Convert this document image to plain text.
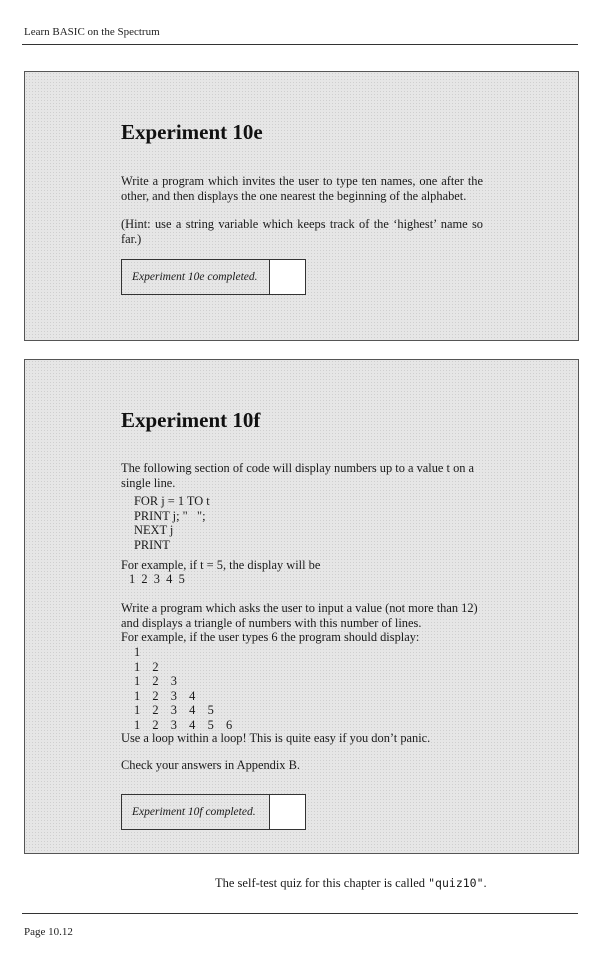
Learn BASIC on the Spectrum
Experiment 10e
Write a program which invites the user to type ten names, one after the other, and then displays the one nearest the beginning of the alphabet.
(Hint: use a string variable which keeps track of the ‘highest’ name so far.)
Experiment 10e completed.
Experiment 10f
The following section of code will display numbers up to a value t on a single line.
FOR j = 1 TO t
PRINT j; "   ";
NEXT j
PRINT
For example, if t = 5, the display will be
1  2  3  4  5
Write a program which asks the user to input a value (not more than 12) and displays a triangle of numbers with this number of lines.
For example, if the user types 6 the program should display:
1
1  2
1  2  3
1  2  3  4
1  2  3  4  5
1  2  3  4  5  6
Use a loop within a loop! This is quite easy if you don’t panic.
Check your answers in Appendix B.
Experiment 10f completed.
The self-test quiz for this chapter is called "quiz10".
Page 10.12
